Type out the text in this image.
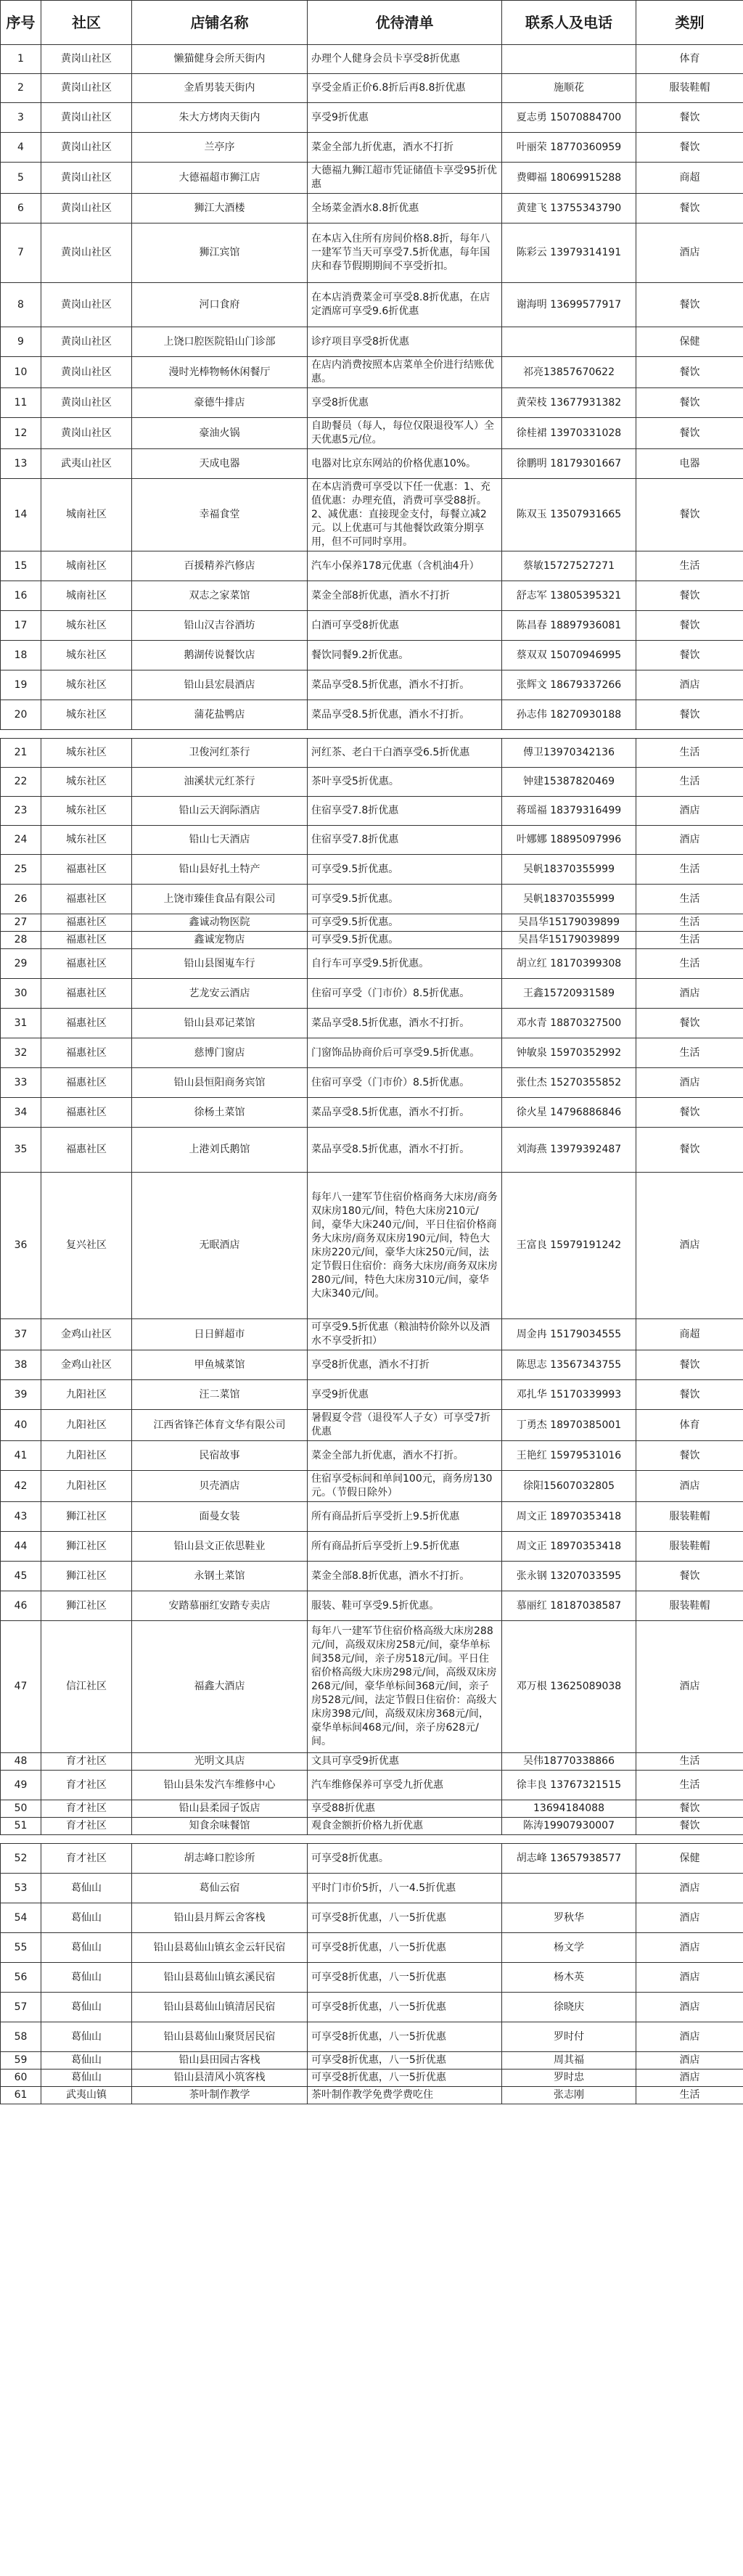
序号	社区	店铺名称	优待清单	联系人及电话	类别
1	黄岗山社区	懒猫健身会所天街内	办理个人健身会员卡享受8折优惠		体育
2	黄岗山社区	金盾男装天街内	享受金盾正价6.8折后再8.8折优惠	施顺花	服装鞋帽
3	黄岗山社区	朱大方烤肉天街内	享受9折优惠	夏志勇 15070884700	餐饮
4	黄岗山社区	兰亭序	菜金全部九折优惠，酒水不打折	叶丽荣 18770360959	餐饮
5	黄岗山社区	大德福超市狮江店	大德福九狮江超市凭证储值卡享受95折优惠	费卿福 18069915288	商超
6	黄岗山社区	狮江大酒楼	全场菜金酒水8.8折优惠	黄建飞 13755343790	餐饮
7	黄岗山社区	狮江宾馆	在本店入住所有房间价格8.8折，每年八一建军节当天可享受7.5折优惠，每年国庆和春节假期期间不享受折扣。	陈彩云 13979314191	酒店
8	黄岗山社区	河口食府	在本店消费菜金可享受8.8折优惠，在店定酒席可享受9.6折优惠	谢海明 13699577917	餐饮
9	黄岗山社区	上饶口腔医院铅山门诊部	诊疗项目享受8折优惠		保健
10	黄岗山社区	漫时光棒物畅休闲餐厅	在店内消费按照本店菜单全价进行结账优惠。	祁亮13857670622	餐饮
11	黄岗山社区	豪德牛排店	享受8折优惠	黄荣枝 13677931382	餐饮
12	黄岗山社区	豪油火锅	自助餐员（每人，每位仅限退役军人）全天优惠5元/位。	徐桂裙 13970331028	餐饮
13	武夷山社区	天成电器	电器对比京东网站的价格优惠10%。	徐鹏明 18179301667	电器
14	城南社区	幸福食堂	在本店消费可享受以下任一优惠：1、充值优惠：办理充值，消费可享受88折。2、减优惠：直接现金支付，每餐立减2元。以上优惠可与其他餐饮政策分期享用，但不可同时享用。	陈双玉 13507931665	餐饮
15	城南社区	百援精养汽修店	汽车小保养178元优惠（含机油4升）	蔡敏15727527271	生活
16	城南社区	双志之家菜馆	菜金全部8折优惠，酒水不打折	舒志军 13805395321	餐饮
17	城东社区	铅山汉吉谷酒坊	白酒可享受8折优惠	陈昌春 18897936081	餐饮
18	城东社区	鹅湖传说餐饮店	餐饮同餐9.2折优惠。	蔡双双 15070946995	餐饮
19	城东社区	铅山县宏晨酒店	菜品享受8.5折优惠，酒水不打折。	张辉文 18679337266	酒店
20	城东社区	蒲花盐鸭店	菜品享受8.5折优惠，酒水不打折。	孙志伟 18270930188	餐饮

21	城东社区	卫俊河红茶行	河红茶、老白干白酒享受6.5折优惠	傅卫13970342136	生活
22	城东社区	油溪状元红茶行	茶叶享受5折优惠。	钟建15387820469	生活
23	城东社区	铅山云天润际酒店	住宿享受7.8折优惠	蒋瑶福 18379316499	酒店
24	城东社区	铅山七天酒店	住宿享受7.8折优惠	叶娜娜 18895097996	酒店
25	福惠社区	铅山县好扎土特产	可享受9.5折优惠。	吴帆18370355999	生活
26	福惠社区	上饶市臻佳食品有限公司	可享受9.5折优惠。	吴帆18370355999	生活
27	福惠社区	鑫诚动物医院	可享受9.5折优惠。	吴昌华15179039899	生活
28	福惠社区	鑫诚宠物店	可享受9.5折优惠。	吴昌华15179039899	生活
29	福惠社区	铅山县图嵬车行	自行车可享受9.5折优惠。	胡立红 18170399308	生活
30	福惠社区	艺龙安云酒店	住宿可享受（门市价）8.5折优惠。	王鑫15720931589	酒店
31	福惠社区	铅山县邓记菜馆	菜品享受8.5折优惠，酒水不打折。	邓水青 18870327500	餐饮
32	福惠社区	慈博门窗店	门窗饰品协商价后可享受9.5折优惠。	钟敏泉 15970352992	生活
33	福惠社区	铅山县恒阳商务宾馆	住宿可享受（门市价）8.5折优惠。	张仕杰 15270355852	酒店
34	福惠社区	徐杨土菜馆	菜品享受8.5折优惠，酒水不打折。	徐火星 14796886846	餐饮
35	福惠社区	上港刘氏鹅馆	菜品享受8.5折优惠，酒水不打折。	刘海燕 13979392487	餐饮
36	复兴社区	无眠酒店	每年八一建军节住宿价格商务大床房/商务双床房180元/间，特色大床房210元/间，豪华大床240元/间，平日住宿价格商务大床房/商务双床房190元/间，特色大床房220元/间，豪华大床250元/间，法定节假日住宿价：商务大床房/商务双床房280元/间，特色大床房310元/间，豪华大床340元/间。	王富良 15979191242	酒店
37	金鸡山社区	日日鲜超市	可享受9.5折优惠（粮油特价除外以及酒水不享受折扣）	周金冉 15179034555	商超
38	金鸡山社区	甲鱼城菜馆	享受8折优惠，酒水不打折	陈思志 13567343755	餐饮
39	九阳社区	汪二菜馆	享受9折优惠	邓扎华 15170339993	餐饮
40	九阳社区	江西省锋芒体育文华有限公司	暑假夏令营（退役军人子女）可享受7折优惠	丁勇杰 18970385001	体育
41	九阳社区	民宿故事	菜金全部九折优惠，酒水不打折。	王艳红 15979531016	餐饮
42	九阳社区	贝壳酒店	住宿享受标间和单间100元，商务房130元。（节假日除外）	徐阳15607032805	酒店
43	狮江社区	面曼女装	所有商品折后享受折上9.5折优惠	周文正 18970353418	服装鞋帽
44	狮江社区	铅山县文正依思鞋业	所有商品折后享受折上9.5折优惠	周文正 18970353418	服装鞋帽
45	狮江社区	永钢土菜馆	菜金全部8.8折优惠，酒水不打折。	张永钢 13207033595	餐饮
46	狮江社区	安踏慕丽红安踏专卖店	服装、鞋可享受9.5折优惠。	慕丽红 18187038587	服装鞋帽
47	信江社区	福鑫大酒店	每年八一建军节住宿价格高级大床房288元/间，高级双床房258元/间，豪华单标间358元/间，亲子房518元/间。平日住宿价格高级大床房298元/间，高级双床房268元/间，豪华单标间368元/间，亲子房528元/间，法定节假日住宿价：高级大床房398元/间，高级双床房368元/间，豪华单标间468元/间，亲子房628元/间。	邓万根 13625089038	酒店
48	育才社区	光明文具店	文具可享受9折优惠	吴伟18770338866	生活
49	育才社区	铅山县朱发汽车维修中心	汽车维修保养可享受九折优惠	徐丰良 13767321515	生活
50	育才社区	铅山县柔园子饭店	享受88折优惠	13694184088	餐饮
51	育才社区	知食余味餐馆	观食金额折价格九折优惠	陈涛19907930007	餐饮

52	育才社区	胡志峰口腔诊所	可享受8折优惠。	胡志峰 13657938577	保健
53	葛仙山	葛仙云宿	平时门市价5折，八一4.5折优惠		酒店
54	葛仙山	铅山县月辉云舍客栈	可享受8折优惠，八一5折优惠	罗秋华	酒店
55	葛仙山	铅山县葛仙山镇玄金云轩民宿	可享受8折优惠，八一5折优惠	杨文学	酒店
56	葛仙山	铅山县葛仙山镇玄溪民宿	可享受8折优惠，八一5折优惠	杨木英	酒店
57	葛仙山	铅山县葛仙山镇清居民宿	可享受8折优惠，八一5折优惠	徐晓庆	酒店
58	葛仙山	铅山县葛仙山聚贤居民宿	可享受8折优惠，八一5折优惠	罗时付	酒店
59	葛仙山	铅山县田园古客栈	可享受8折优惠，八一5折优惠	周其福	酒店
60	葛仙山	铅山县清风小筑客栈	可享受8折优惠，八一5折优惠	罗时忠	酒店
61	武夷山镇	茶叶制作教学	茶叶制作教学免费学费吃住	张志刚	生活
